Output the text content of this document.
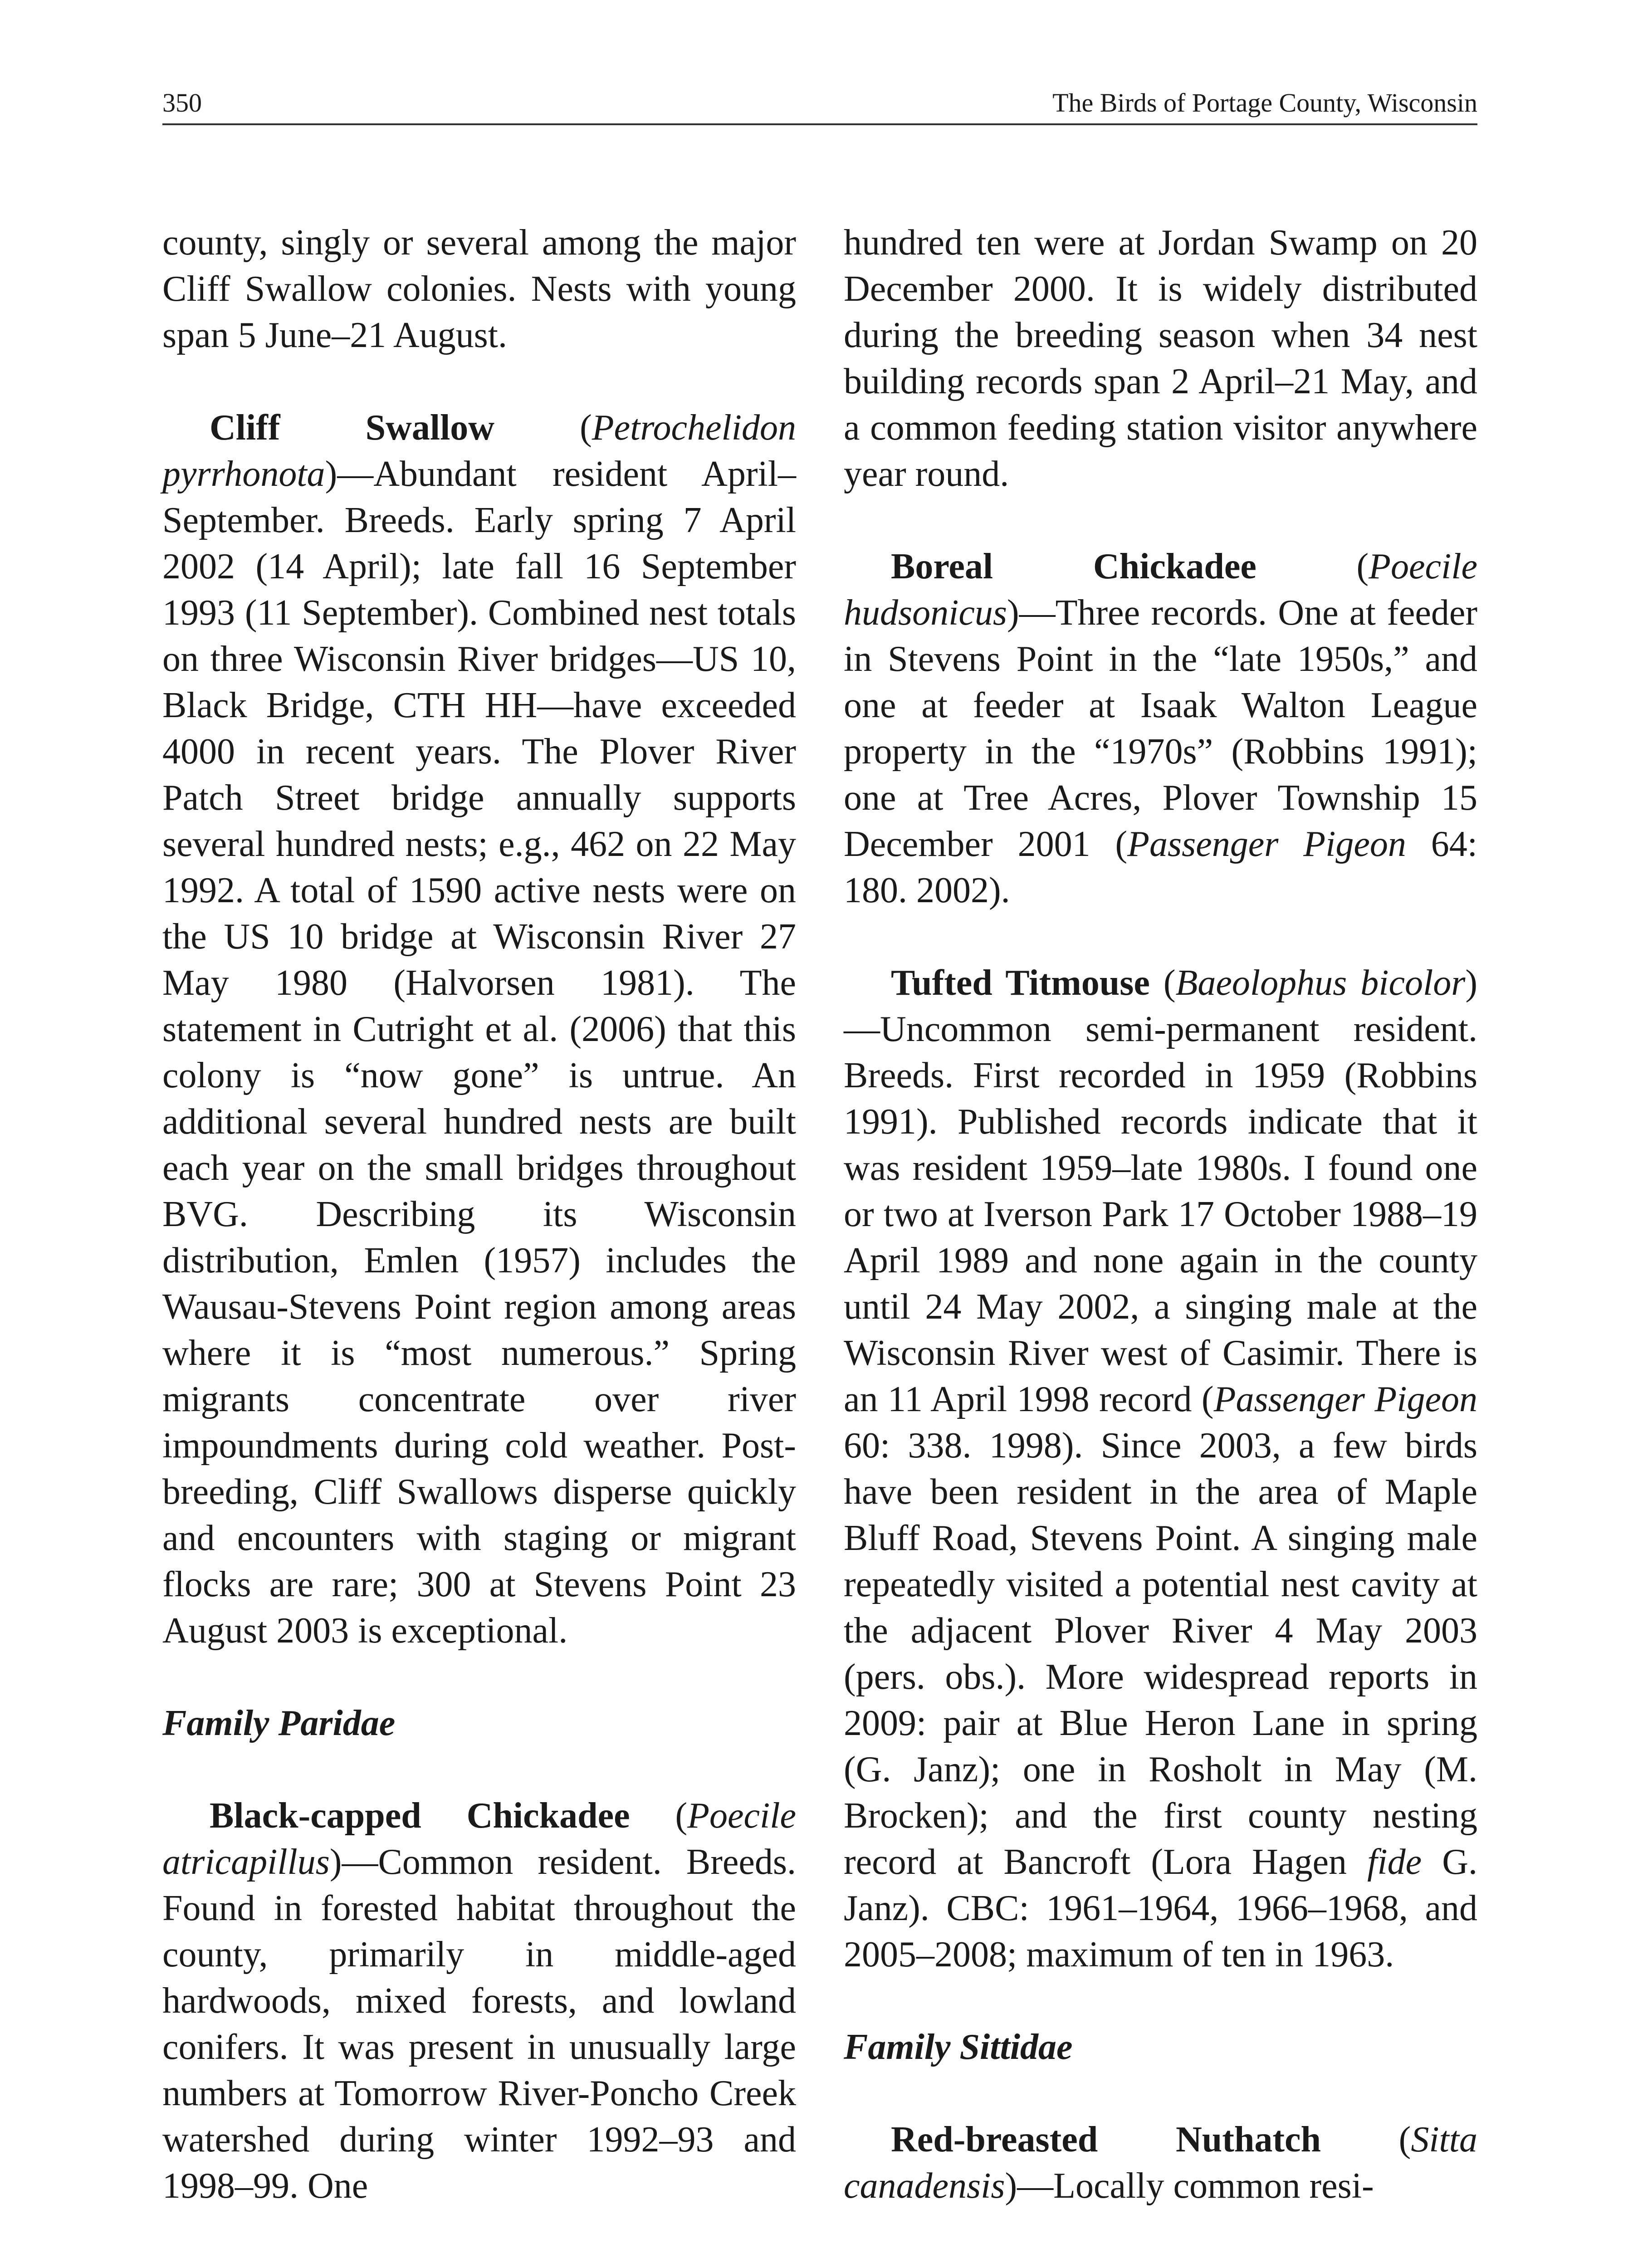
350	The Birds of Portage County, Wisconsin

county, singly or several among the major Cliff Swallow colonies. Nests with young span 5 June–21 August.

Cliff Swallow (Petrochelidon pyrrhonota)—Abundant resident April–September. Breeds. Early spring 7 April 2002 (14 April); late fall 16 September 1993 (11 September). Combined nest totals on three Wisconsin River bridges—US 10, Black Bridge, CTH HH—have exceeded 4000 in recent years. The Plover River Patch Street bridge annually supports several hundred nests; e.g., 462 on 22 May 1992. A total of 1590 active nests were on the US 10 bridge at Wisconsin River 27 May 1980 (Halvorsen 1981). The statement in Cutright et al. (2006) that this colony is “now gone” is untrue. An additional several hundred nests are built each year on the small bridges throughout BVG. Describing its Wisconsin distribution, Emlen (1957) includes the Wausau-Stevens Point region among areas where it is “most numerous.” Spring migrants concentrate over river impoundments during cold weather. Post-breeding, Cliff Swallows disperse quickly and encounters with staging or migrant flocks are rare; 300 at Stevens Point 23 August 2003 is exceptional.

Family Paridae

Black-capped Chickadee (Poecile atricapillus)—Common resident. Breeds. Found in forested habitat throughout the county, primarily in middle-aged hardwoods, mixed forests, and lowland conifers. It was present in unusually large numbers at Tomorrow River-Poncho Creek watershed during winter 1992–93 and 1998–99. One

hundred ten were at Jordan Swamp on 20 December 2000. It is widely distributed during the breeding season when 34 nest building records span 2 April–21 May, and a common feeding station visitor anywhere year round.

Boreal Chickadee (Poecile hudsonicus)—Three records. One at feeder in Stevens Point in the “late 1950s,” and one at feeder at Isaak Walton League property in the “1970s” (Robbins 1991); one at Tree Acres, Plover Township 15 December 2001 (Passenger Pigeon 64: 180. 2002).

Tufted Titmouse (Baeolophus bicolor)—Uncommon semi-permanent resident. Breeds. First recorded in 1959 (Robbins 1991). Published records indicate that it was resident 1959–late 1980s. I found one or two at Iverson Park 17 October 1988–19 April 1989 and none again in the county until 24 May 2002, a singing male at the Wisconsin River west of Casimir. There is an 11 April 1998 record (Passenger Pigeon 60: 338. 1998). Since 2003, a few birds have been resident in the area of Maple Bluff Road, Stevens Point. A singing male repeatedly visited a potential nest cavity at the adjacent Plover River 4 May 2003 (pers. obs.). More widespread reports in 2009: pair at Blue Heron Lane in spring (G. Janz); one in Rosholt in May (M. Brocken); and the first county nesting record at Bancroft (Lora Hagen fide G. Janz). CBC: 1961–1964, 1966–1968, and 2005–2008; maximum of ten in 1963.

Family Sittidae

Red-breasted Nuthatch (Sitta canadensis)—Locally common resi-
